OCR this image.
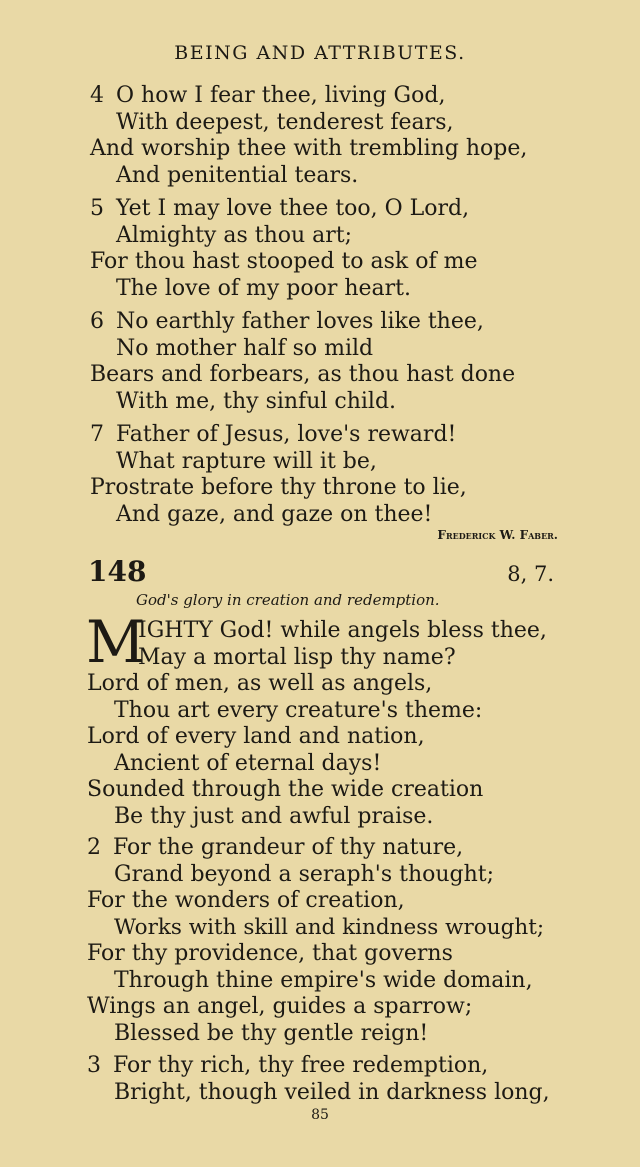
BEING AND ATTRIBUTES.
4 O how I fear thee, living God,
With deepest, tenderest fears,
And worship thee with trembling hope,
And penitential tears.
5 Yet I may love thee too, O Lord,
Almighty as thou art;
For thou hast stooped to ask of me
The love of my poor heart.
6 No earthly father loves like thee,
No mother half so mild
Bears and forbears, as thou hast done
With me, thy sinful child.
7 Father of Jesus, love's reward!
What rapture will it be,
Prostrate before thy throne to lie,
And gaze, and gaze on thee!
Frederick W. Faber.
148	8, 7.
God's glory in creation and redemption.
M
IGHTY God! while angels bless thee,
May a mortal lisp thy name?
Lord of men, as well as angels,
Thou art every creature's theme:
Lord of every land and nation,
Ancient of eternal days!
Sounded through the wide creation
Be thy just and awful praise.
2 For the grandeur of thy nature,
Grand beyond a seraph's thought;
For the wonders of creation,
Works with skill and kindness wrought;
For thy providence, that governs
Through thine empire's wide domain,
Wings an angel, guides a sparrow;
Blessed be thy gentle reign!
3 For thy rich, thy free redemption,
Bright, though veiled in darkness long,
85
